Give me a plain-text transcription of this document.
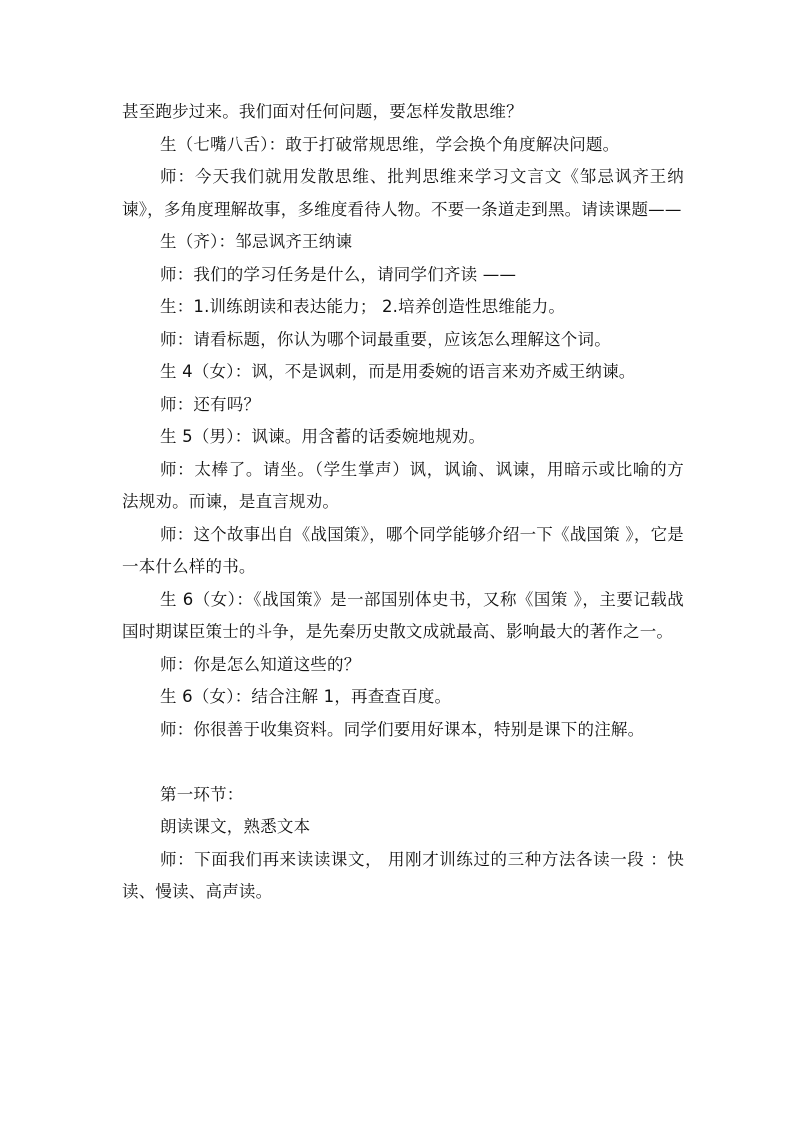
甚至跑步过来。我们面对任何问题，要怎样发散思维？

生（七嘴八舌）：敢于打破常规思维，学会换个角度解决问题。

师：今天我们就用发散思维、批判思维来学习文言文《邹忌讽齐王纳谏》，多角度理解故事，多维度看待人物。不要一条道走到黑。请读课题——

生（齐）：邹忌讽齐王纳谏

师：我们的学习任务是什么，请同学们齐读 ——

生：1.训练朗读和表达能力； 2.培养创造性思维能力。

师：请看标题，你认为哪个词最重要，应该怎么理解这个词。

生 4（女）：讽，不是讽刺，而是用委婉的语言来劝齐威王纳谏。

师：还有吗？

生 5（男）：讽谏。用含蓄的话委婉地规劝。

师：太棒了。请坐。（学生掌声）讽，讽谕、讽谏，用暗示或比喻的方法规劝。而谏，是直言规劝。

师：这个故事出自《战国策》，哪个同学能够介绍一下《战国策 》，它是一本什么样的书。

生 6（女）：《战国策》是一部国别体史书，又称《国策 》，主要记载战国时期谋臣策士的斗争，是先秦历史散文成就最高、影响最大的著作之一。

师：你是怎么知道这些的？

生 6（女）：结合注解 1，再查查百度。

师：你很善于收集资料。同学们要用好课本，特别是课下的注解。

第一环节：

朗读课文，熟悉文本

师：下面我们再来读读课文， 用刚才训练过的三种方法各读一段 ：快读、慢读、高声读。
